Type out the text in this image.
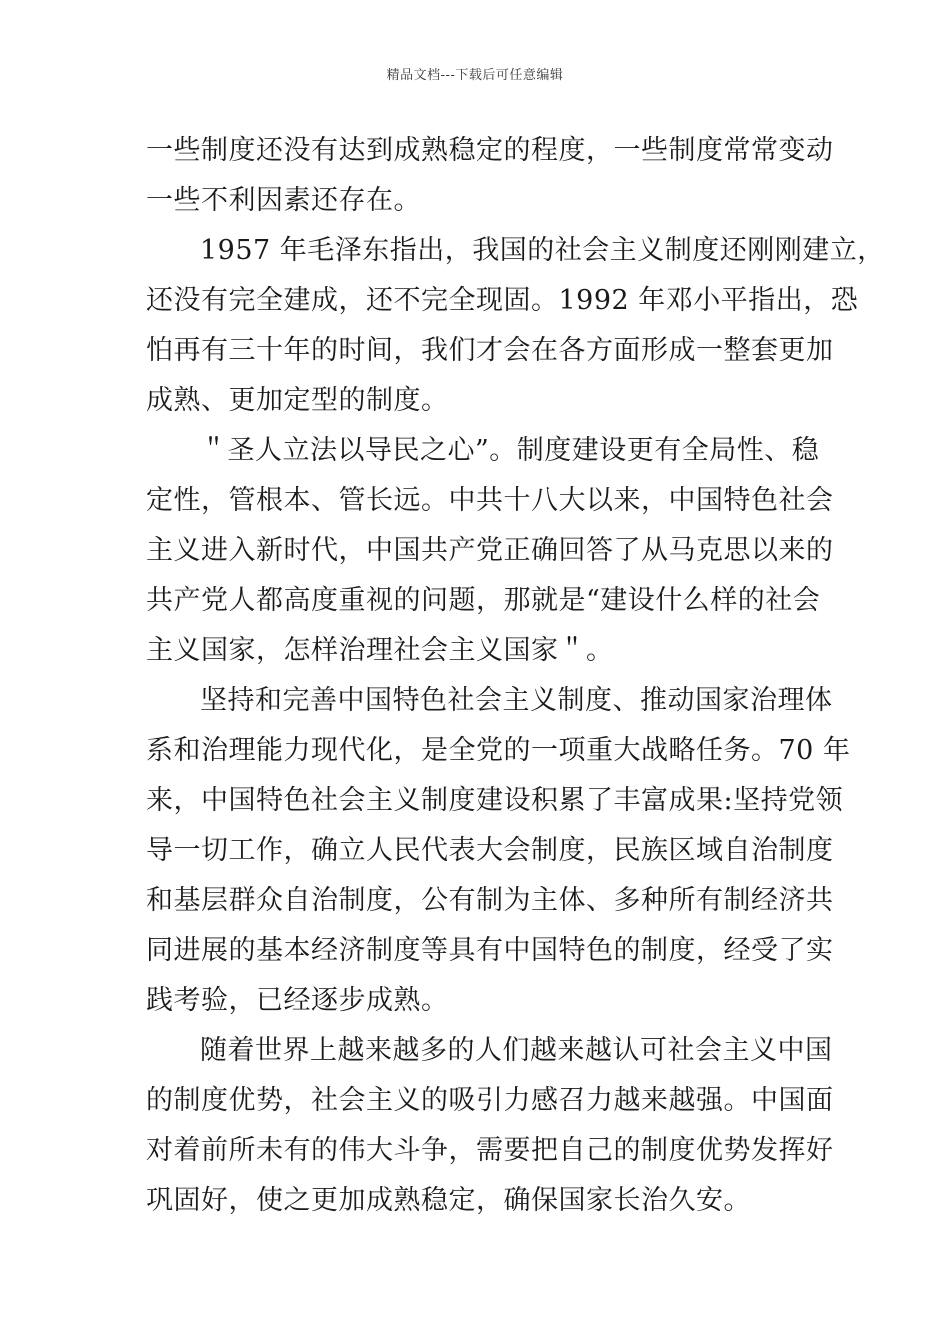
精品文档---下载后可任意编辑
一些制度还没有达到成熟稳定的程度，一些制度常常变动
一些不利因素还存在。
1957 年毛泽东指出，我国的社会主义制度还刚刚建立，
还没有完全建成，还不完全现固。1992 年邓小平指出，恐
怕再有三十年的时间，我们才会在各方面形成一整套更加
成熟、更加定型的制度。
＂圣人立法以导民之心”。制度建设更有全局性、稳
定性，管根本、管长远。中共十八大以来，中国特色社会
主义进入新时代，中国共产党正确回答了从马克思以来的
共产党人都高度重视的问题，那就是“建设什么样的社会
主义国家，怎样治理社会主义国家＂。
坚持和完善中国特色社会主义制度、推动国家治理体
系和治理能力现代化，是全党的一项重大战略任务。70 年
来，中国特色社会主义制度建设积累了丰富成果:坚持党领
导一切工作，确立人民代表大会制度，民族区域自治制度
和基层群众自治制度，公有制为主体、多种所有制经济共
同进展的基本经济制度等具有中国特色的制度，经受了实
践考验，已经逐步成熟。
随着世界上越来越多的人们越来越认可社会主义中国
的制度优势，社会主义的吸引力感召力越来越强。中国面
对着前所未有的伟大斗争，需要把自己的制度优势发挥好
巩固好，使之更加成熟稳定，确保国家长治久安。
